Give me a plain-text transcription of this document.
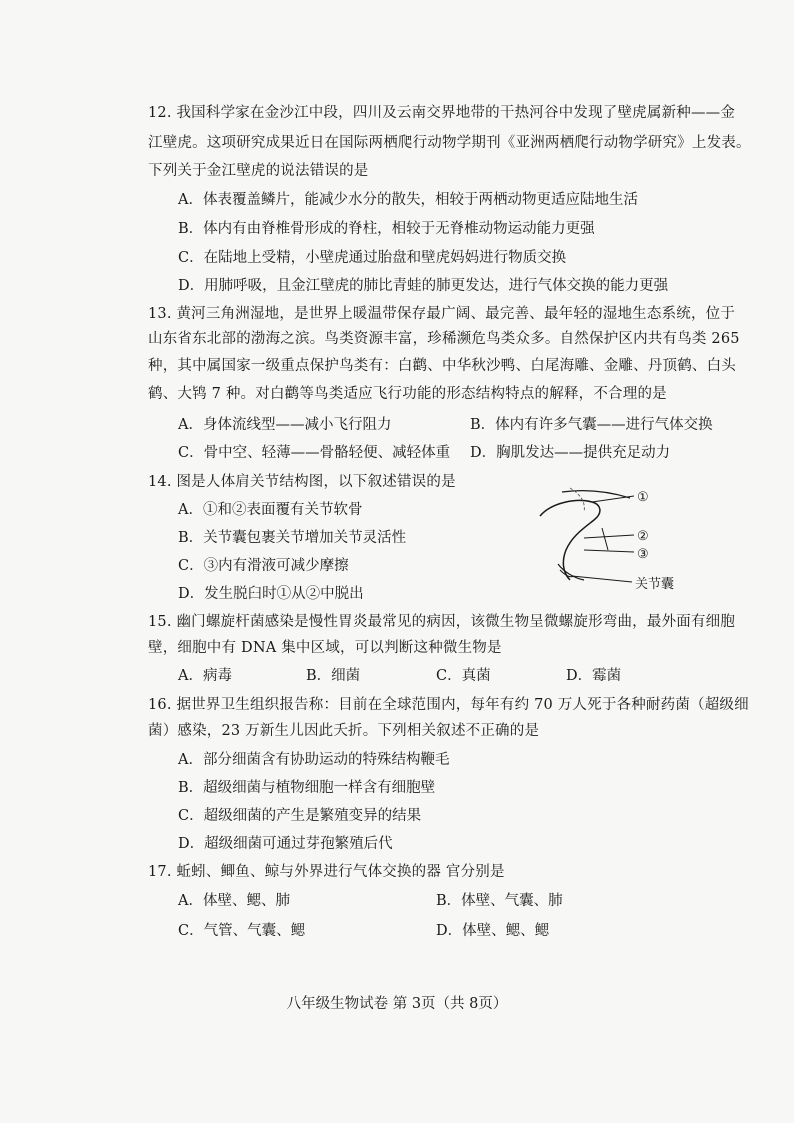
12. 我国科学家在金沙江中段，四川及云南交界地带的干热河谷中发现了壁虎属新种——金
江壁虎。这项研究成果近日在国际两栖爬行动物学期刊《亚洲两栖爬行动物学研究》上发表。
下列关于金江壁虎的说法错误的是
A．体表覆盖鳞片，能减少水分的散失，相较于两栖动物更适应陆地生活
B．体内有由脊椎骨形成的脊柱，相较于无脊椎动物运动能力更强
C．在陆地上受精，小壁虎通过胎盘和壁虎妈妈进行物质交换
D．用肺呼吸，且金江壁虎的肺比青蛙的肺更发达，进行气体交换的能力更强
13. 黄河三角洲湿地，是世界上暖温带保存最广阔、最完善、最年轻的湿地生态系统，位于
山东省东北部的渤海之滨。鸟类资源丰富，珍稀濒危鸟类众多。自然保护区内共有鸟类 265
种，其中属国家一级重点保护鸟类有：白鹳、中华秋沙鸭、白尾海雕、金雕、丹顶鹤、白头
鹤、大鸨 7 种。对白鹳等鸟类适应飞行功能的形态结构特点的解释，不合理的是
A．身体流线型——减小飞行阻力	B．体内有许多气囊——进行气体交换
C．骨中空、轻薄——骨骼轻便、减轻体重 D．胸肌发达——提供充足动力
14. 图是人体肩关节结构图，以下叙述错误的是
A．①和②表面覆有关节软骨
B．关节囊包裹关节增加关节灵活性
C．③内有滑液可减少摩擦
D．发生脱臼时①从②中脱出
①
②
③
关节囊
15. 幽门螺旋杆菌感染是慢性胃炎最常见的病因，该微生物呈微螺旋形弯曲，最外面有细胞
壁，细胞中有 DNA 集中区域，可以判断这种微生物是
A．病毒	B．细菌	C．真菌	D．霉菌
16. 据世界卫生组织报告称：目前在全球范围内，每年有约 70 万人死于各种耐药菌（超级细
菌）感染，23 万新生儿因此夭折。下列相关叙述不正确的是
A．部分细菌含有协助运动的特殊结构鞭毛
B．超级细菌与植物细胞一样含有细胞壁
C．超级细菌的产生是繁殖变异的结果
D．超级细菌可通过芽孢繁殖后代
17. 蚯蚓、鲫鱼、鲸与外界进行气体交换的器 官分别是
A．体壁、鳃、肺	B．体壁、气囊、肺
C．气管、气囊、鳃	D．体壁、鳃、鳃
八年级生物试卷 第 3页（共 8页）
